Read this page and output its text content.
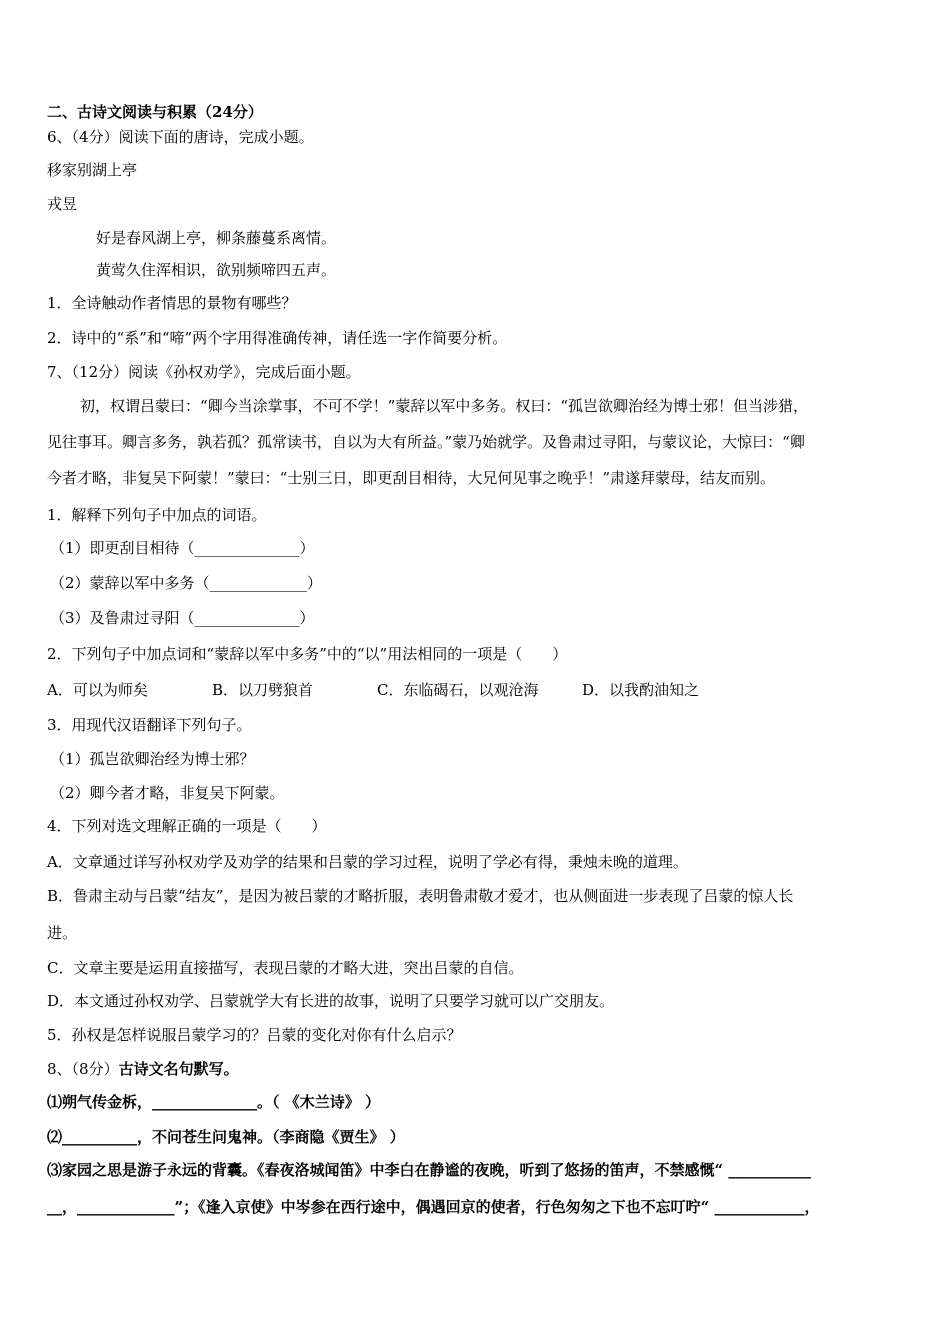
二、古诗文阅读与积累（24分）
6、（4分）阅读下面的唐诗，完成小题。
移家别湖上亭
戎昱
好是春风湖上亭，柳条藤蔓系离情。
黄莺久住浑相识，欲别频啼四五声。
1．全诗触动作者情思的景物有哪些？
2．诗中的“系”和“啼”两个字用得准确传神，请任选一字作简要分析。
7、（12分）阅读《孙权劝学》，完成后面小题。
初，权谓吕蒙曰：“卿今当涂掌事，不可不学！”蒙辞以军中多务。权曰：“孤岂欲卿治经为博士邪！但当涉猎，
见往事耳。卿言多务，孰若孤？孤常读书，自以为大有所益。”蒙乃始就学。及鲁肃过寻阳，与蒙议论，大惊曰：“卿
今者才略，非复吴下阿蒙！”蒙曰：“士别三日，即更刮目相待，大兄何见事之晚乎！”肃遂拜蒙母，结友而别。
1．解释下列句子中加点的词语。
（1）即更刮目相待（______________）
（2）蒙辞以军中多务（_____________）
（3）及鲁肃过寻阳（______________）
2．下列句子中加点词和“蒙辞以军中多务”中的“以”用法相同的一项是（　　）
A．可以为师矣	B．以刀劈狼首	C．东临碣石，以观沧海	D．以我酌油知之
3．用现代汉语翻译下列句子。
（1）孤岂欲卿治经为博士邪？
（2）卿今者才略，非复吴下阿蒙。
4．下列对选文理解正确的一项是（　　）
A．文章通过详写孙权劝学及劝学的结果和吕蒙的学习过程，说明了学必有得，秉烛未晚的道理。
B．鲁肃主动与吕蒙“结友”，是因为被吕蒙的才略折服，表明鲁肃敬才爱才，也从侧面进一步表现了吕蒙的惊人长
进。
C．文章主要是运用直接描写，表现吕蒙的才略大进，突出吕蒙的自信。
D．本文通过孙权劝学、吕蒙就学大有长进的故事，说明了只要学习就可以广交朋友。
5．孙权是怎样说服吕蒙学习的？吕蒙的变化对你有什么启示？
8、（8分）古诗文名句默写。
⑴朔气传金柝，______________。（ 《木兰诗》 ）
⑵__________，不问苍生问鬼神。（李商隐《贾生》 ）
⑶家园之思是游子永远的背囊。《春夜洛城闻笛》中李白在静谧的夜晚，听到了悠扬的笛声，不禁感慨“ ___________
__，_____________”；《逢入京使》中岑参在西行途中，偶遇回京的使者，行色匆匆之下也不忘叮咛“ ____________，
